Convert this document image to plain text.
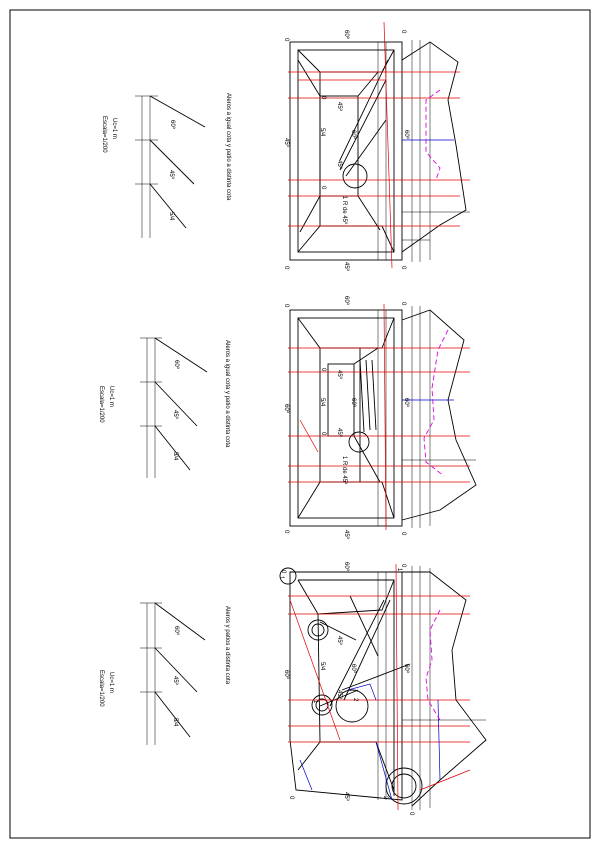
60º
45º
5/4
Uc=1 m
Escala=1/200	Aleros a igual cota y patio a distinta cota
0
60º	0
45º
0	45º	0
45º
5/4	60º
45º
60º
1 R de 45º
0
0
60º
45º
5/4
Uc=1 m
Escala=1/200	Aleros a igual cota y patio a distinta cota
0
60º	0
60º
0	45º	0
45º
5/4	60º
45º
60º
1 R de 45º
0
0
60º
45º
5/4
Uc=1 m
Escala=1/200
Aleros y patios a distinta cota
0
60º	0
60º
0	45º
0
45º
5/4	60º
45º
60º
1
1
2
2
1
